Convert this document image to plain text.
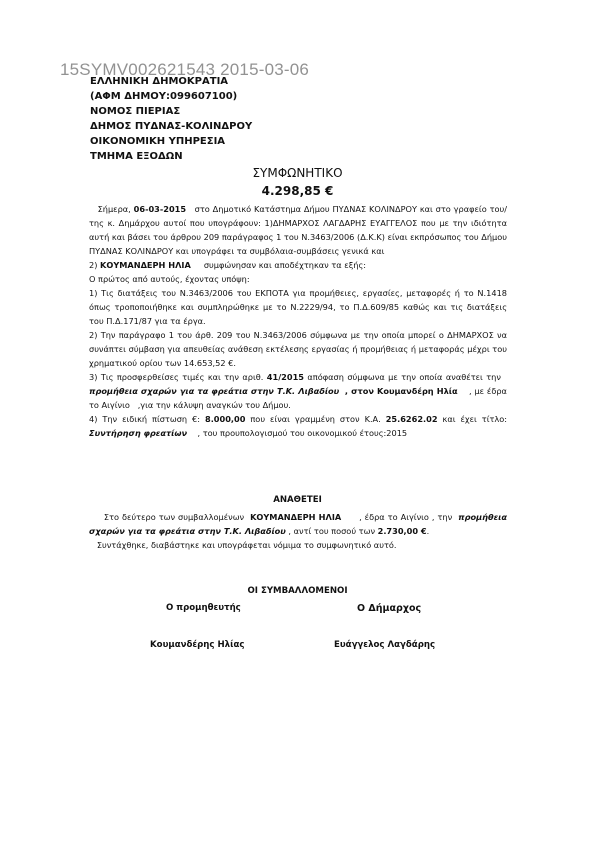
15SYMV002621543 2015-03-06
ΕΛΛΗΝΙΚΗ ΔΗΜΟΚΡΑΤΙΑ
(ΑΦΜ ΔΗΜΟΥ:099607100)
ΝΟΜΟΣ ΠΙΕΡΙΑΣ
ΔΗΜΟΣ ΠΥΔΝΑΣ-ΚΟΛΙΝΔΡΟΥ
ΟΙΚΟΝΟΜΙΚΗ ΥΠΗΡΕΣΙΑ
ΤΜΗΜΑ ΕΞΟΔΩΝ
ΣΥΜΦΩΝΗΤΙΚΟ
4.298,85 €

Σήμερα, 06-03-2015 στο Δημοτικό Κατάστημα Δήμου ΠΥΔΝΑΣ ΚΟΛΙΝΔΡΟΥ και στο γραφείο του/της κ. Δημάρχου αυτοί που υπογράφουν: 1)ΔΗΜΑΡΧΟΣ ΛΑΓΔΑΡΗΣ ΕΥΑΓΓΕΛΟΣ που με την ιδιότητα αυτή και βάσει του άρθρου 209 παράγραφος 1 του Ν.3463/2006 (Δ.Κ.Κ) είναι εκπρόσωπος του Δήμου ΠΥΔΝΑΣ ΚΟΛΙΝΔΡΟΥ και υπογράφει τα συμβόλαια-συμβάσεις γενικά και

2) ΚΟΥΜΑΝΔΕΡΗ ΗΛΙΑ συμφώνησαν και αποδέχτηκαν τα εξής:

Ο πρώτος από αυτούς, έχοντας υπόψη:

1) Τις διατάξεις του Ν.3463/2006 του ΕΚΠΟΤΑ για προμήθειες, εργασίες, μεταφορές ή το Ν.1418 όπως τροποποιήθηκε και συμπληρώθηκε με το Ν.2229/94, το Π.Δ.609/85 καθώς και τις διατάξεις του Π.Δ.171/87 για τα έργα.

2) Την παράγραφο 1 του άρθ. 209 του Ν.3463/2006 σύμφωνα με την οποία μπορεί ο ΔΗΜΑΡΧΟΣ να συνάπτει σύμβαση για απευθείας ανάθεση εκτέλεσης εργασίας ή προμήθειας ή μεταφοράς μέχρι του χρηματικού ορίου των 14.653,52 €.

3) Τις προσφερθείσες τιμές και την αριθ. 41/2015 απόφαση σύμφωνα με την οποία αναθέτει την   προμήθεια σχαρών για τα φρεάτια στην Τ.Κ. Λιβαδίου , στον Κουμανδέρη Ηλία , με έδρα το Αιγίνιο ,για την κάλυψη αναγκών του Δήμου.

4) Την ειδική πίστωση €: 8.000,00 που είναι γραμμένη στον Κ.Α. 25.6262.02 και έχει τίτλο: Συντήρηση φρεατίων , του προυπολογισμού του οικονομικού έτους:2015

ΑΝΑΘΕΤΕΙ

Στο δεύτερο των συμβαλλομένων ΚΟΥΜΑΝΔΕΡΗ ΗΛΙΑ , έδρα το Αιγίνιο , την προμήθεια σχαρών για τα φρεάτια στην Τ.Κ. Λιβαδίου , αντί του ποσού των 2.730,00 €.

Συντάχθηκε, διαβάστηκε και υπογράφεται νόμιμα το συμφωνητικό αυτό.

ΟΙ ΣΥΜΒΑΛΛΟΜΕΝΟΙ
Ο προμηθευτής	Ο Δήμαρχος
Κουμανδέρης Ηλίας	Ευάγγελος Λαγδάρης
